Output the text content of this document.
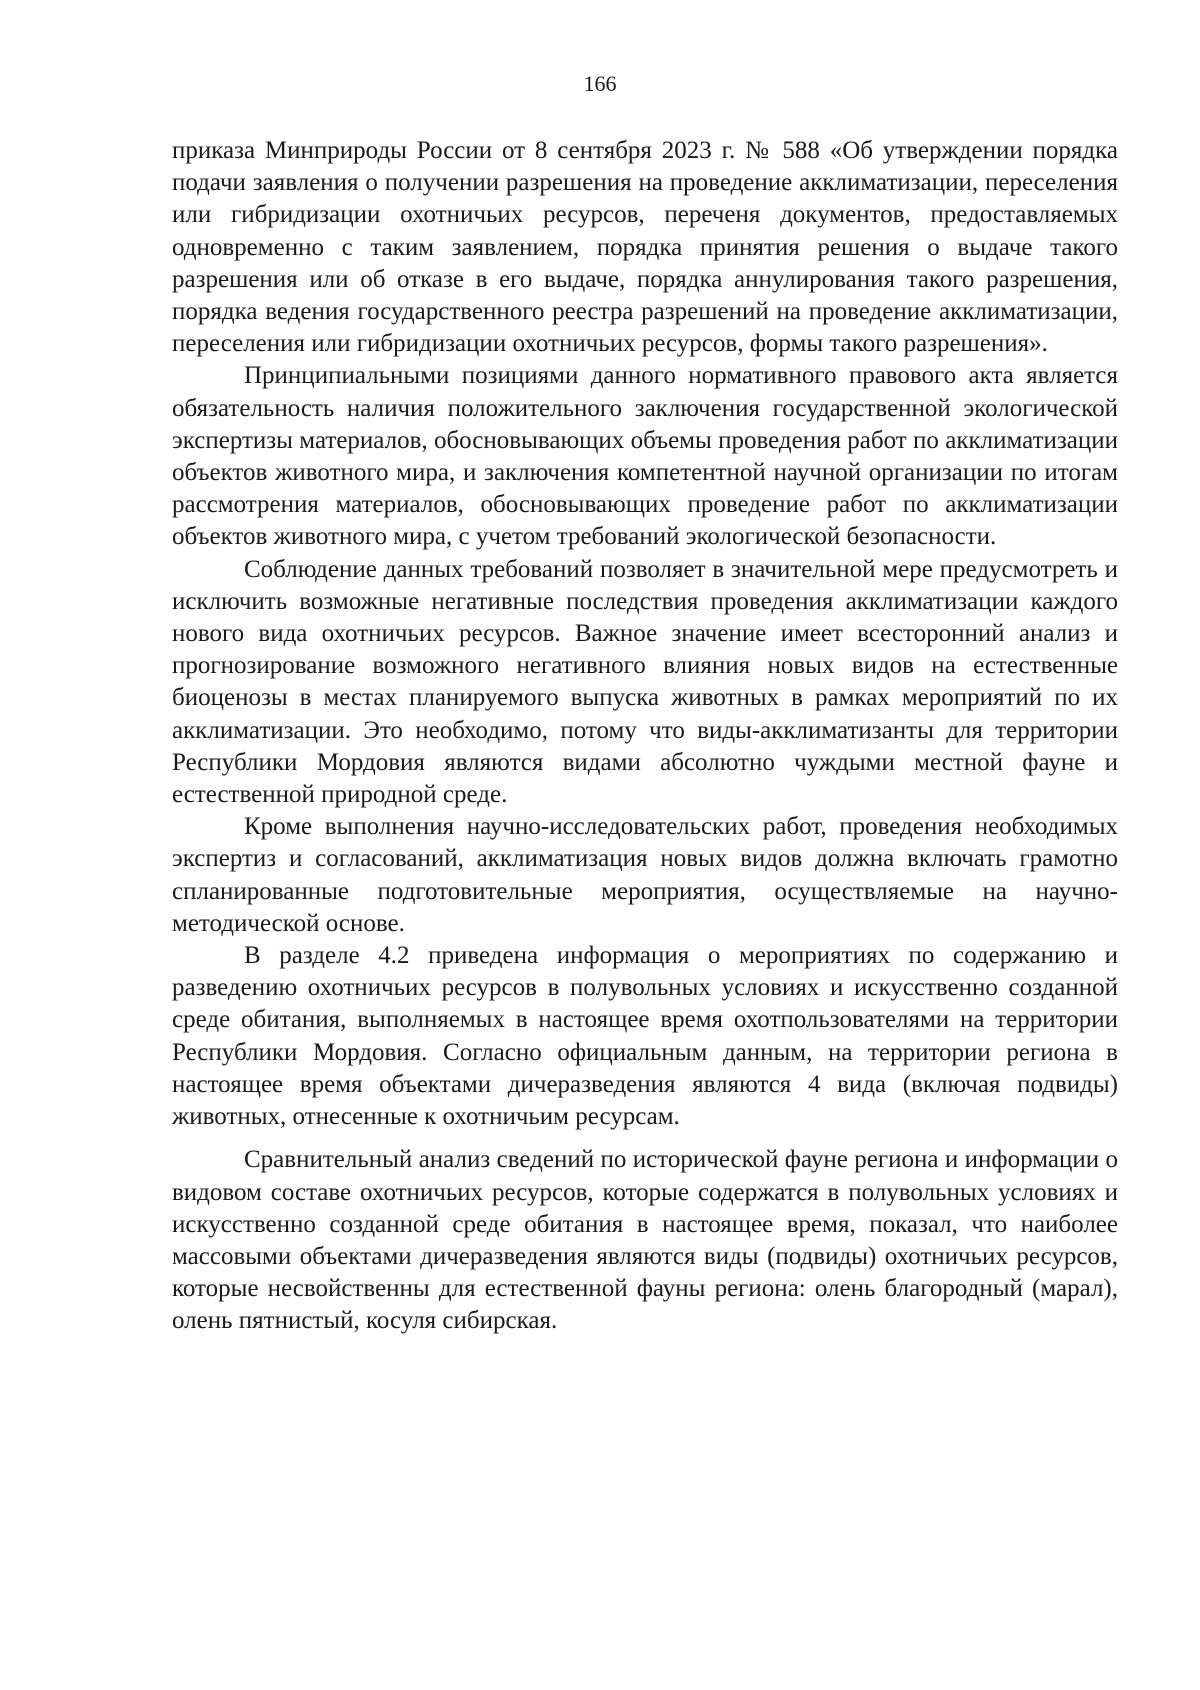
166

приказа Минприроды России от 8 сентября 2023 г. № 588 «Об утверждении порядка подачи заявления о получении разрешения на проведение акклиматизации, переселения или гибридизации охотничьих ресурсов, переченя документов, предоставляемых одновременно с таким заявлением, порядка принятия решения о выдаче такого разрешения или об отказе в его выдаче, порядка аннулирования такого разрешения, порядка ведения государственного реестра разрешений на проведение акклиматизации, переселения или гибридизации охотничьих ресурсов, формы такого разрешения».

Принципиальными позициями данного нормативного правового акта является обязательность наличия положительного заключения государственной экологической экспертизы материалов, обосновывающих объемы проведения работ по акклиматизации объектов животного мира, и заключения компетентной научной организации по итогам рассмотрения материалов, обосновывающих проведение работ по акклиматизации объектов животного мира, с учетом требований экологической безопасности.

Соблюдение данных требований позволяет в значительной мере предусмотреть и исключить возможные негативные последствия проведения акклиматизации каждого нового вида охотничьих ресурсов. Важное значение имеет всесторонний анализ и прогнозирование возможного негативного влияния новых видов на естественные биоценозы в местах планируемого выпуска животных в рамках мероприятий по их акклиматизации. Это необходимо, потому что виды-акклиматизанты для территории Республики Мордовия являются видами абсолютно чуждыми местной фауне и естественной природной среде.

Кроме выполнения научно-исследовательских работ, проведения необходимых экспертиз и согласований, акклиматизация новых видов должна включать грамотно спланированные подготовительные мероприятия, осуществляемые на научно-методической основе.

В разделе 4.2 приведена информация о мероприятиях по содержанию и разведению охотничьих ресурсов в полувольных условиях и искусственно созданной среде обитания, выполняемых в настоящее время охотпользователями на территории Республики Мордовия. Согласно официальным данным, на территории региона в настоящее время объектами дичеразведения являются 4 вида (включая подвиды) животных, отнесенные к охотничьим ресурсам.

Сравнительный анализ сведений по исторической фауне региона и информации о видовом составе охотничьих ресурсов, которые содержатся в полувольных условиях и искусственно созданной среде обитания в настоящее время, показал, что наиболее массовыми объектами дичеразведения являются виды (подвиды) охотничьих ресурсов, которые несвойственны для естественной фауны региона: олень благородный (марал), олень пятнистый, косуля сибирская.
